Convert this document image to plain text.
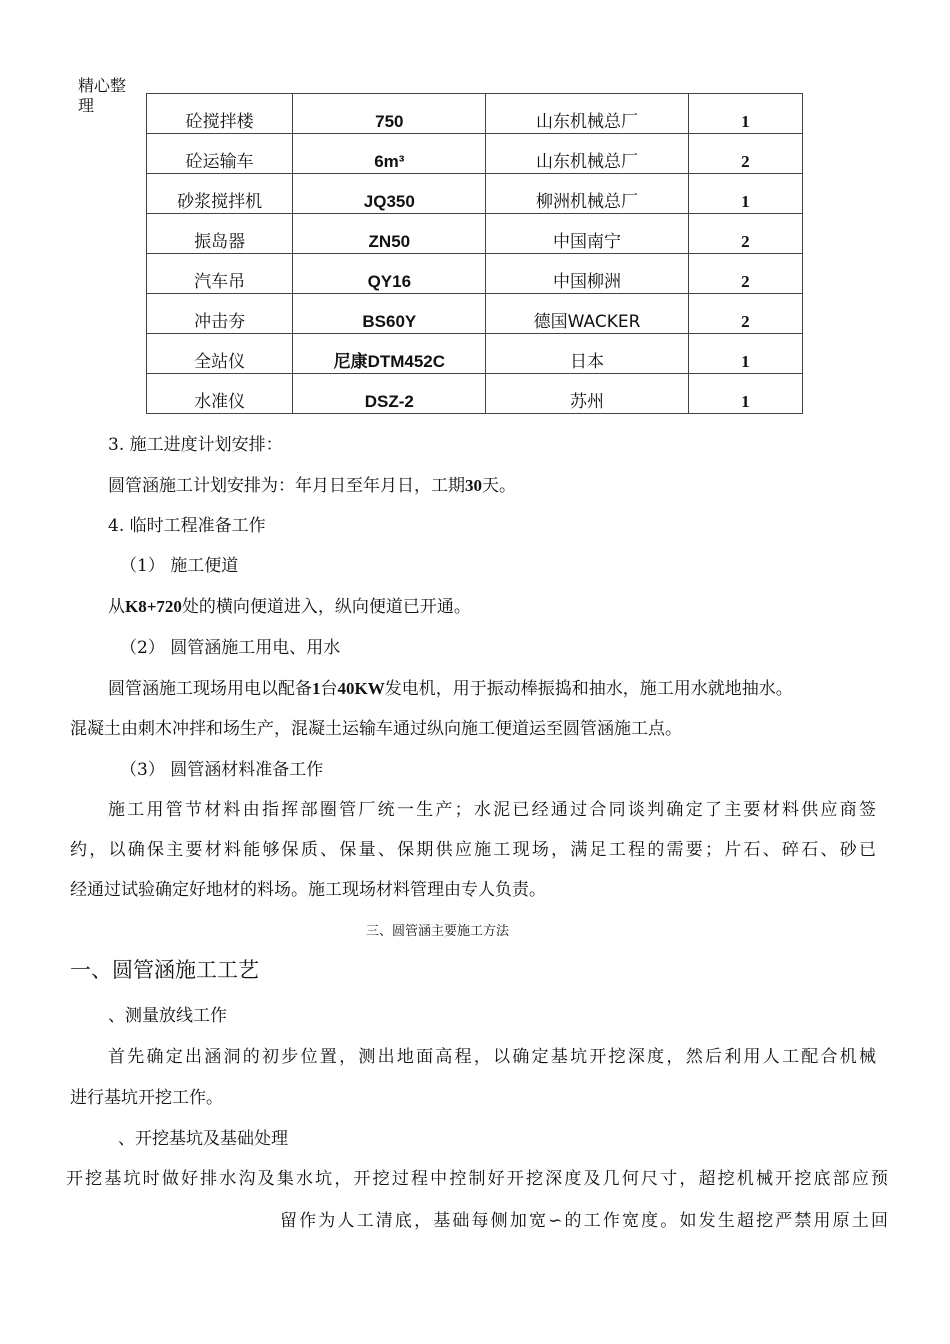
精心整理
砼搅拌楼	750	山东机械总厂	1
砼运输车	6m³	山东机械总厂	2
砂浆搅拌机	JQ350	柳洲机械总厂	1
振岛器	ZN50	中国南宁	2
汽车吊	QY16	中国柳洲	2
冲击夯	BS60Y	德国WACKER	2
全站仪	尼康DTM452C	日本	1
水准仪	DSZ-2	苏州	1
3. 施工进度计划安排：
圆管涵施工计划安排为：年月日至年月日，工期30天。
4. 临时工程准备工作
（1） 施工便道
从K8+720处的横向便道进入，纵向便道已开通。
（2） 圆管涵施工用电、用水
圆管涵施工现场用电以配备1台40KW发电机，用于振动棒振捣和抽水，施工用水就地抽水。
混凝土由刺木冲拌和场生产，混凝土运输车通过纵向施工便道运至圆管涵施工点。
（3） 圆管涵材料准备工作
施工用管节材料由指挥部圈管厂统一生产；水泥已经通过合同谈判确定了主要材料供应商签
约，以确保主要材料能够保质、保量、保期供应施工现场，满足工程的需要；片石、碎石、砂已
经通过试验确定好地材的料场。施工现场材料管理由专人负责。
三、圆管涵主要施工方法
一、圆管涵施工工艺
、测量放线工作
首先确定出涵洞的初步位置，测出地面高程，以确定基坑开挖深度，然后利用人工配合机械
进行基坑开挖工作。
、开挖基坑及基础处理
开挖基坑时做好排水沟及集水坑，开挖过程中控制好开挖深度及几何尺寸，超挖机械开挖底部应预
留作为人工清底，基础每侧加宽∽的工作宽度。如发生超挖严禁用原土回
